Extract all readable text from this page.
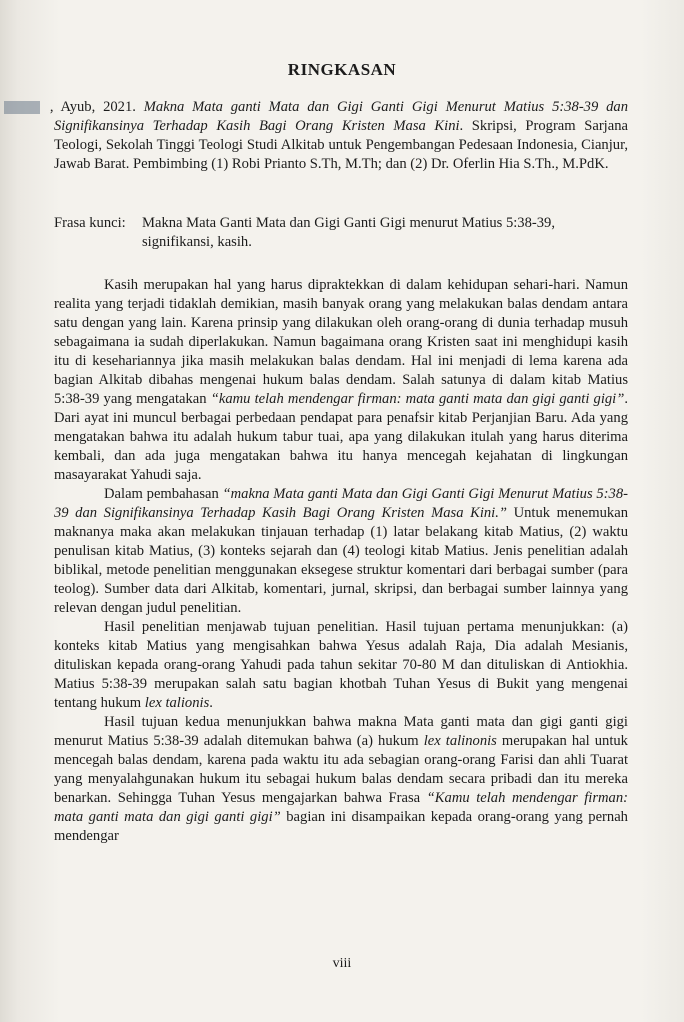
RINGKASAN
, Ayub, 2021. Makna Mata ganti Mata dan Gigi Ganti Gigi Menurut Matius 5:38-39 dan Signifikansinya Terhadap Kasih Bagi Orang Kristen Masa Kini. Skripsi, Program Sarjana Teologi, Sekolah Tinggi Teologi Studi Alkitab untuk Pengembangan Pedesaan Indonesia, Cianjur, Jawab Barat. Pembimbing (1) Robi Prianto S.Th, M.Th; dan (2) Dr. Oferlin Hia S.Th., M.PdK.
Frasa kunci:	Makna Mata Ganti Mata dan Gigi Ganti Gigi menurut Matius 5:38-39, signifikansi, kasih.

Kasih merupakan hal yang harus dipraktekkan di dalam kehidupan sehari-hari. Namun realita yang terjadi tidaklah demikian, masih banyak orang yang melakukan balas dendam antara satu dengan yang lain. Karena prinsip yang dilakukan oleh orang-orang di dunia terhadap musuh sebagaimana ia sudah diperlakukan. Namun bagaimana orang Kristen saat ini menghidupi kasih itu di kesehariannya jika masih melakukan balas dendam. Hal ini menjadi di lema karena ada bagian Alkitab dibahas mengenai hukum balas dendam. Salah satunya di dalam kitab Matius 5:38-39 yang mengatakan “kamu telah mendengar firman: mata ganti mata dan gigi ganti gigi”. Dari ayat ini muncul berbagai perbedaan pendapat para penafsir kitab Perjanjian Baru. Ada yang mengatakan bahwa itu adalah hukum tabur tuai, apa yang dilakukan itulah yang harus diterima kembali, dan ada juga mengatakan bahwa itu hanya mencegah kejahatan di lingkungan masayarakat Yahudi saja.

Dalam pembahasan “makna Mata ganti Mata dan Gigi Ganti Gigi Menurut Matius 5:38-39 dan Signifikansinya Terhadap Kasih Bagi Orang Kristen Masa Kini.” Untuk menemukan maknanya maka akan melakukan tinjauan terhadap (1) latar belakang kitab Matius, (2) waktu penulisan kitab Matius, (3) konteks sejarah dan (4) teologi kitab Matius. Jenis penelitian adalah biblikal, metode penelitian menggunakan eksegese struktur komentari dari berbagai sumber (para teolog). Sumber data dari Alkitab, komentari, jurnal, skripsi, dan berbagai sumber lainnya yang relevan dengan judul penelitian.

Hasil penelitian menjawab tujuan penelitian. Hasil tujuan pertama menunjukkan: (a) konteks kitab Matius yang mengisahkan bahwa Yesus adalah Raja, Dia adalah Mesianis, dituliskan kepada orang-orang Yahudi pada tahun sekitar 70-80 M dan dituliskan di Antiokhia. Matius 5:38-39 merupakan salah satu bagian khotbah Tuhan Yesus di Bukit yang mengenai tentang hukum lex talionis.

Hasil tujuan kedua menunjukkan bahwa makna Mata ganti mata dan gigi ganti gigi menurut Matius 5:38-39 adalah ditemukan bahwa (a) hukum lex talinonis merupakan hal untuk mencegah balas dendam, karena pada waktu itu ada sebagian orang-orang Farisi dan ahli Tuarat yang menyalahgunakan hukum itu sebagai hukum balas dendam secara pribadi dan itu mereka benarkan. Sehingga Tuhan Yesus mengajarkan bahwa Frasa “Kamu telah mendengar firman: mata ganti mata dan gigi ganti gigi” bagian ini disampaikan kepada orang-orang yang pernah mendengar

viii
